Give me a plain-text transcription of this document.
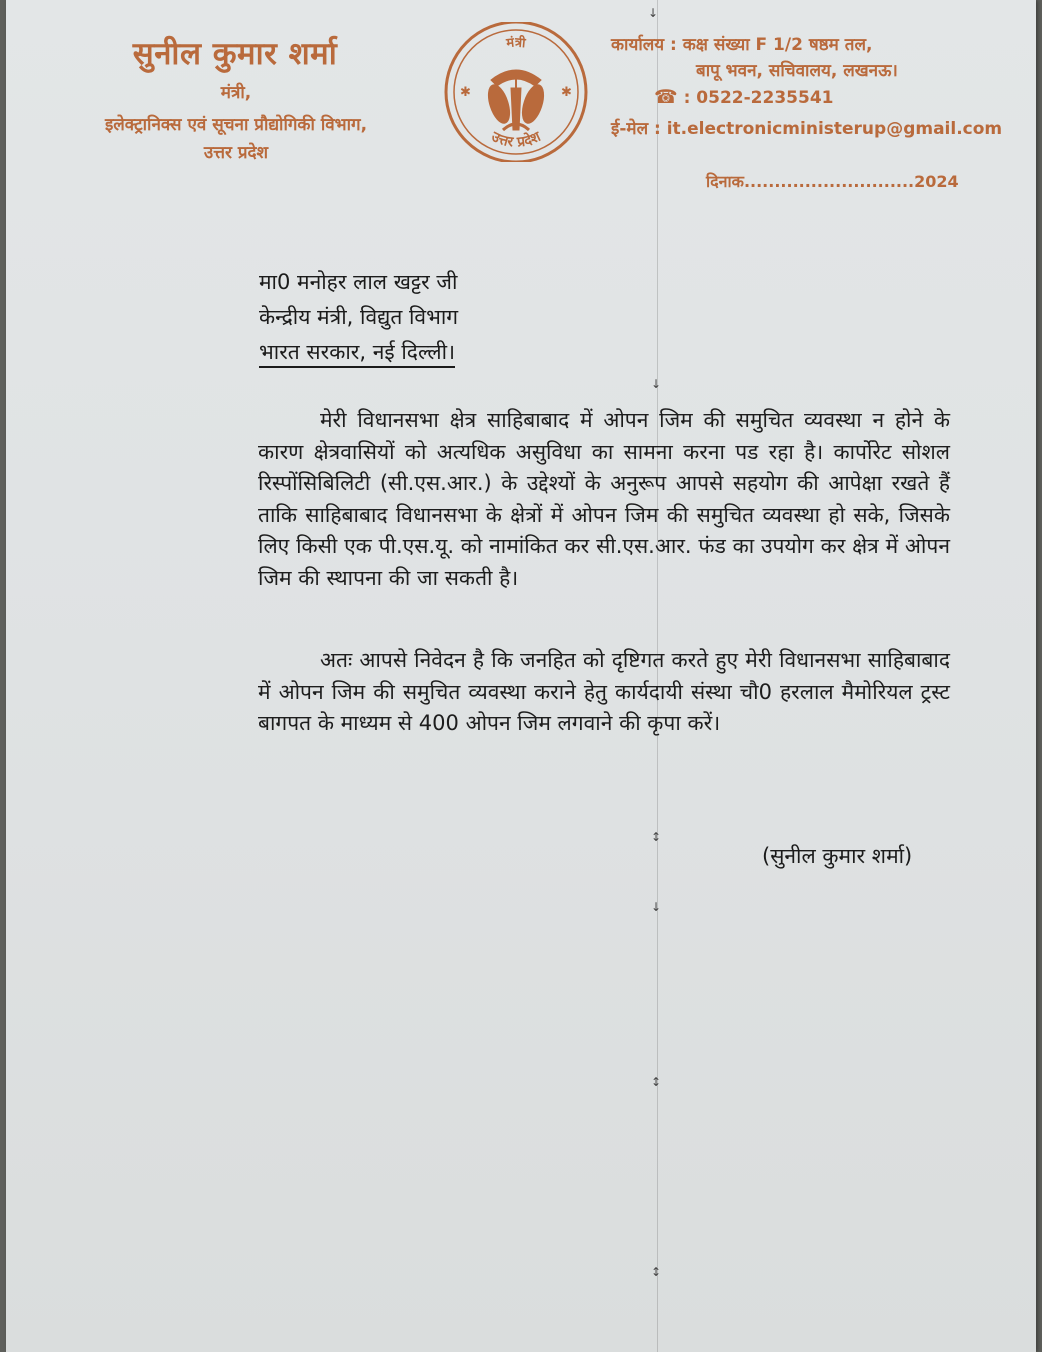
सुनील कुमार शर्मा
मंत्री,
इलेक्ट्रानिक्स एवं सूचना प्रौद्योगिकी विभाग,
उत्तर प्रदेश
मंत्री
उत्तर प्रदेश
✱	✱
कार्यालय : कक्ष संख्या F 1/2 षष्ठम तल,
बापू भवन, सचिवालय, लखनऊ।
☎ : 0522-2235541
ई-मेल : it.electronicministerup@gmail.com
दिनाक............................2024
मा0 मनोहर लाल खट्टर जी
केन्द्रीय मंत्री, विद्युत विभाग
भारत सरकार, नई दिल्ली।
मेरी विधानसभा क्षेत्र साहिबाबाद में ओपन जिम की समुचित व्यवस्था न होने के कारण क्षेत्रवासियों को अत्यधिक असुविधा का सामना करना पड रहा है। कार्पोरेट सोशल रिस्पोंसिबिलिटी (सी.एस.आर.) के उद्देश्यों के अनुरूप आपसे सहयोग की आपेक्षा रखते हैं ताकि साहिबाबाद विधानसभा के क्षेत्रों में ओपन जिम की समुचित व्यवस्था हो सके, जिसके लिए किसी एक पी.एस.यू. को नामांकित कर सी.एस.आर. फंड का उपयोग कर क्षेत्र में ओपन जिम की स्थापना की जा सकती है।
अतः आपसे निवेदन है कि जनहित को दृष्टिगत करते हुए मेरी विधानसभा साहिबाबाद में ओपन जिम की समुचित व्यवस्था कराने हेतु कार्यदायी संस्था चौ0 हरलाल मैमोरियल ट्रस्ट बागपत के माध्यम से 400 ओपन जिम लगवाने की कृपा करें।
(सुनील कुमार शर्मा)
↓
↓
↕
↓
↕
↕
